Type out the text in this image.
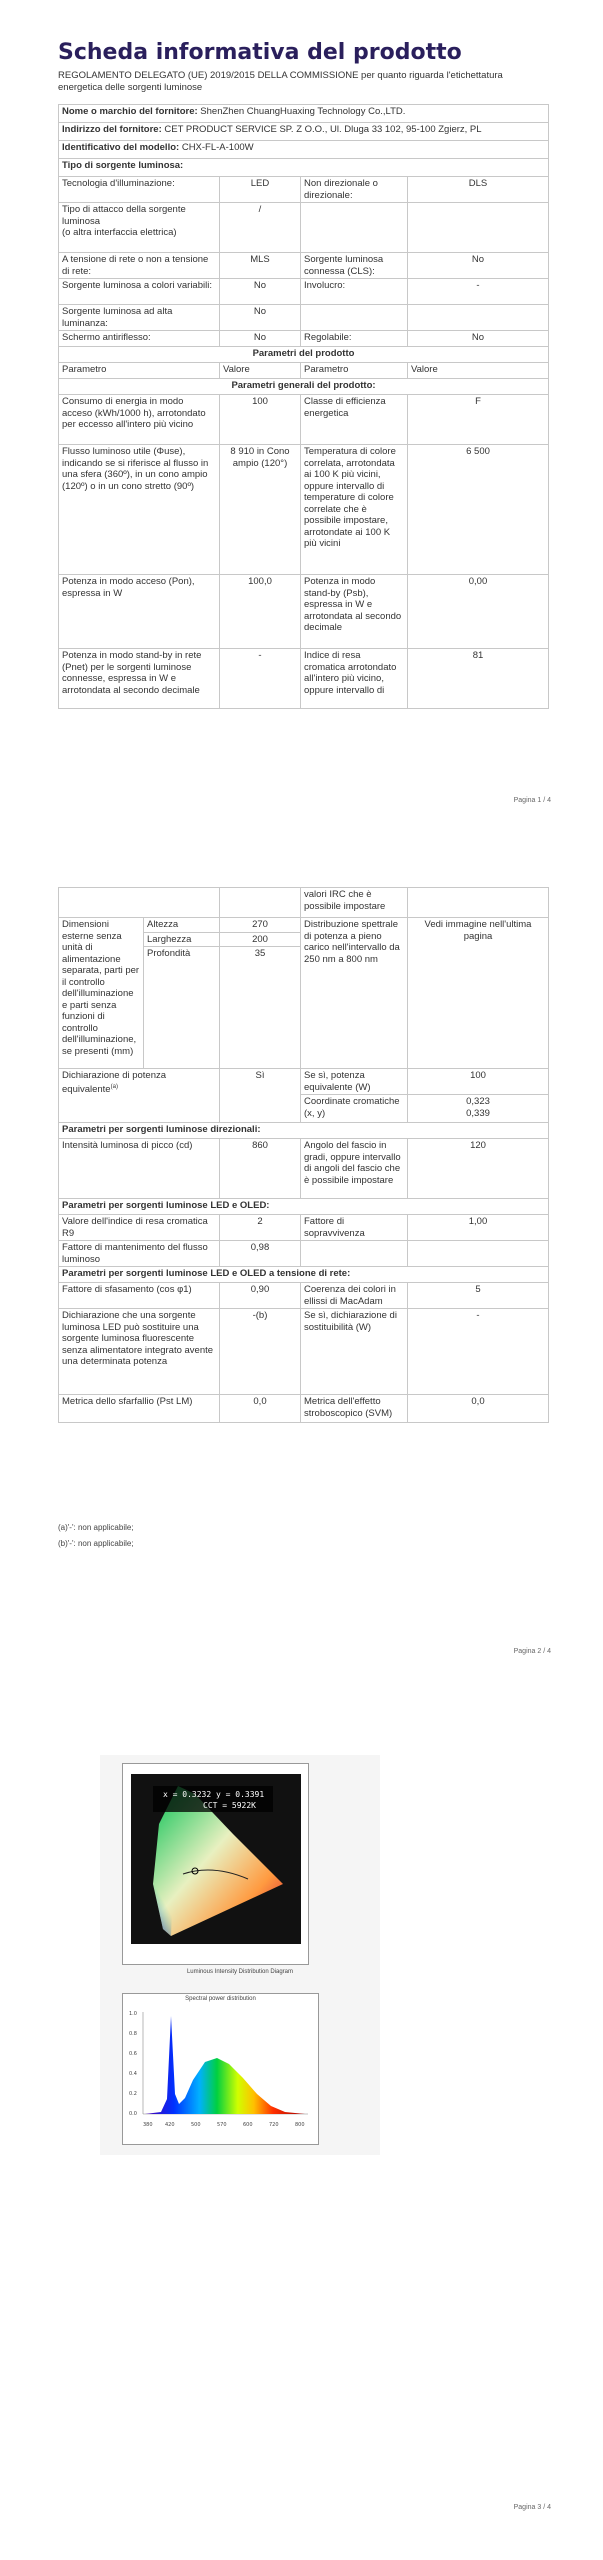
Scheda informativa del prodotto
REGOLAMENTO DELEGATO (UE) 2019/2015 DELLA COMMISSIONE per quanto riguarda l'etichettatura energetica delle sorgenti luminose
Nome o marchio del fornitore: ShenZhen ChuangHuaxing Technology Co.,LTD.			
Indirizzo del fornitore: CET PRODUCT SERVICE SP. Z O.O., Ul. Dluga 33 102, 95-100 Zgierz, PL			
Identificativo del modello: CHX-FL-A-100W			
Tipo di sorgente luminosa:			
Tecnologia d'illuminazione:	LED	Non direzionale o direzionale:	DLS
Tipo di attacco della sorgente luminosa
(o altra interfaccia elettrica)	/		
A tensione di rete o non a tensione di rete:	MLS	Sorgente luminosa connessa (CLS):	No
Sorgente luminosa a colori variabili:	No	Involucro:	-
Sorgente luminosa ad alta luminanza:	No		
Schermo antiriflesso:	No	Regolabile:	No
Parametri del prodotto			
Parametro	Valore	Parametro	Valore
Parametri generali del prodotto:			
Consumo di energia in modo acceso (kWh/1000 h), arrotondato per eccesso all'intero più vicino	100	Classe di efficienza energetica	F
Flusso luminoso utile (Φuse), indicando se si riferisce al flusso in una sfera (360º), in un cono ampio (120º) o in un cono stretto (90º)	8 910 in Cono ampio (120°)	Temperatura di colore correlata, arrotondata ai 100 K più vicini, oppure intervallo di temperature di colore correlate che è possibile impostare, arrotondate ai 100 K più vicini	6 500
Potenza in modo acceso (Pon), espressa in W	100,0	Potenza in modo stand-by (Psb), espressa in W e arrotondata al secondo decimale	0,00
Potenza in modo stand-by in rete (Pnet) per le sorgenti luminose connesse, espressa in W e arrotondata al secondo decimale	-	Indice di resa cromatica arrotondato all'intero più vicino, oppure intervallo di	81
Pagina 1 / 4
			valori IRC che è possibile impostare	
Dimensioni esterne senza unità di alimentazione separata, parti per il controllo dell'illuminazione e parti senza funzioni di controllo dell'illuminazione, se presenti (mm)	Altezza	270	Distribuzione spettrale di potenza a pieno carico nell'intervallo da 250 nm a 800 nm	Vedi immagine nell'ultima pagina
	Larghezza	200		
	Profondità	35		
Dichiarazione di potenza equivalente$^{(a)}$		Sì	Se sì, potenza equivalente (W)	100
			Coordinate cromatiche (x, y)	0,323
0,339

Parametri per sorgenti luminose direzionali:				
Intensità luminosa di picco (cd)		860	Angolo del fascio in gradi, oppure intervallo di angoli del fascio che è possibile impostare	120
Parametri per sorgenti luminose LED e OLED:				
Valore dell'indice di resa cromatica R9		2	Fattore di sopravvivenza	1,00
Fattore di mantenimento del flusso luminoso		0,98		
Parametri per sorgenti luminose LED e OLED a tensione di rete:				
Fattore di sfasamento (cos φ1)		0,90	Coerenza dei colori in ellissi di MacAdam	5
Dichiarazione che una sorgente luminosa LED può sostituire una sorgente luminosa fluorescente senza alimentatore integrato avente una determinata potenza		-(b)	Se sì, dichiarazione di sostituibilità (W)	-
Metrica dello sfarfallio (Pst LM)		0,0	Metrica dell'effetto stroboscopico (SVM)	0,0
(a)'-': non applicabile;
(b)'-': non applicabile;
Pagina 2 / 4
x = 0.3232 y = 0.3391
CCT = 5922K
Luminous Intensity Distribution Diagram
Spectral power distribution
1.0
0.8
0.6
0.4
0.2
0.0
380 420	500	570	600	720	800
Pagina 3 / 4
